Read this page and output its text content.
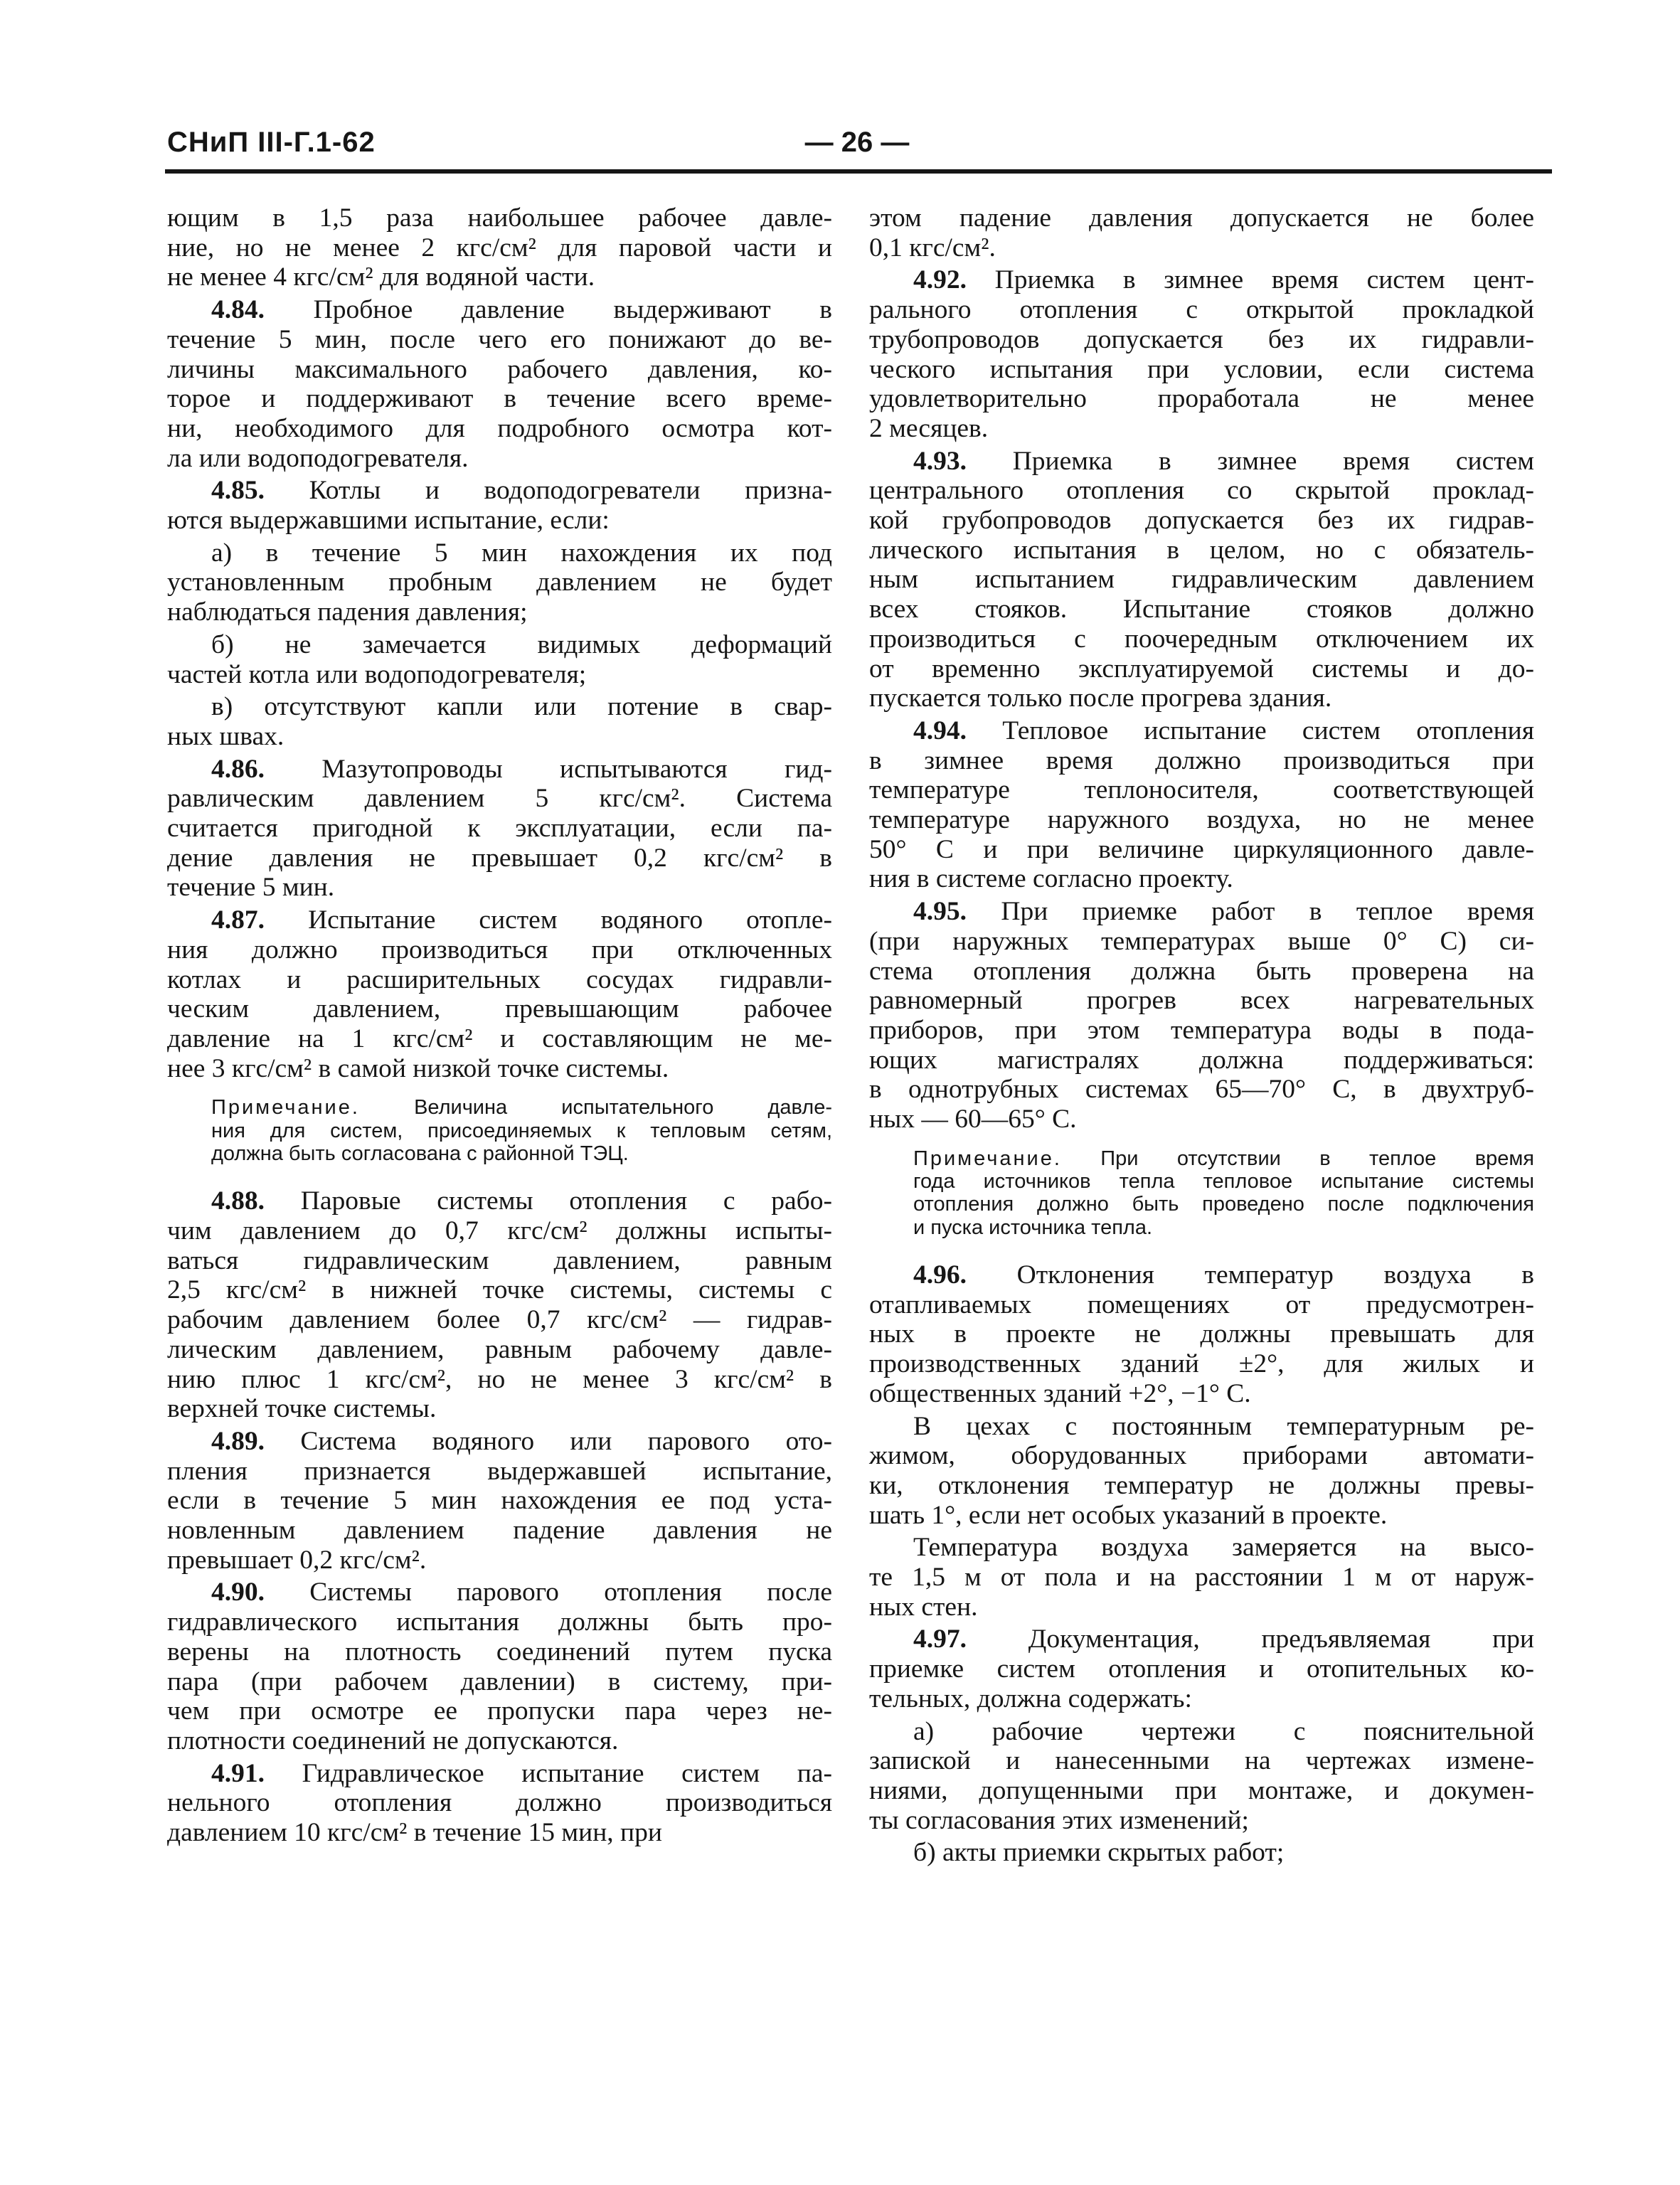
СНиП III-Г.1-62	— 26 —

ющим в 1,5 раза наибольшее рабочее давле-

ние, но не менее 2 кгс/см² для паровой части и

не менее 4 кгс/см² для водяной части.

4.84. Пробное давление выдерживают в

течение 5 мин, после чего его понижают до ве-

личины максимального рабочего давления, ко-

торое и поддерживают в течение всего време-

ни, необходимого для подробного осмотра кот-

ла или водоподогревателя.

4.85. Котлы и водоподогреватели призна-

ются выдержавшими испытание, если:

а) в течение 5 мин нахождения их под

установленным пробным давлением не будет

наблюдаться падения давления;

б) не замечается видимых деформаций

частей котла или водоподогревателя;

в) отсутствуют капли или потение в свар-

ных швах.

4.86. Мазутопроводы испытываются гид-

равлическим давлением 5 кгс/см². Система

считается пригодной к эксплуатации, если па-

дение давления не превышает 0,2 кгс/см² в

течение 5 мин.

4.87. Испытание систем водяного отопле-

ния должно производиться при отключенных

котлах и расширительных сосудах гидравли-

ческим давлением, превышающим рабочее

давление на 1 кгс/см² и составляющим не ме-

нее 3 кгс/см² в самой низкой точке системы.

Примечание. Величина испытательного давле-

ния для систем, присоединяемых к тепловым сетям,

должна быть согласована с районной ТЭЦ.

4.88. Паровые системы отопления с рабо-

чим давлением до 0,7 кгс/см² должны испыты-

ваться гидравлическим давлением, равным

2,5 кгс/см² в нижней точке системы, системы с

рабочим давлением более 0,7 кгс/см² — гидрав-

лическим давлением, равным рабочему давле-

нию плюс 1 кгс/см², но не менее 3 кгс/см² в

верхней точке системы.

4.89. Система водяного или парового ото-

пления признается выдержавшей испытание,

если в течение 5 мин нахождения ее под уста-

новленным давлением падение давления не

превышает 0,2 кгс/см².

4.90. Системы парового отопления после

гидравлического испытания должны быть про-

верены на плотность соединений путем пуска

пара (при рабочем давлении) в систему, при-

чем при осмотре ее пропуски пара через не-

плотности соединений не допускаются.

4.91. Гидравлическое испытание систем па-

нельного отопления должно производиться

давлением 10 кгс/см² в течение 15 мин, при

этом падение давления допускается не более

0,1 кгс/см².

4.92. Приемка в зимнее время систем цент-

рального отопления с открытой прокладкой

трубопроводов допускается без их гидравли-

ческого испытания при условии, если система

удовлетворительно проработала не менее

2 месяцев.

4.93. Приемка в зимнее время систем

центрального отопления со скрытой проклад-

кой грубопроводов допускается без их гидрав-

лического испытания в целом, но с обязатель-

ным испытанием гидравлическим давлением

всех стояков. Испытание стояков должно

производиться с поочередным отключением их

от временно эксплуатируемой системы и до-

пускается только после прогрева здания.

4.94. Тепловое испытание систем отопления

в зимнее время должно производиться при

температуре теплоносителя, соответствующей

температуре наружного воздуха, но не менее

50° С и при величине циркуляционного давле-

ния в системе согласно проекту.

4.95. При приемке работ в теплое время

(при наружных температурах выше 0° С) си-

стема отопления должна быть проверена на

равномерный прогрев всех нагревательных

приборов, при этом температура воды в пода-

ющих магистралях должна поддерживаться:

в однотрубных системах 65—70° С, в двухтруб-

ных — 60—65° С.

Примечание. При отсутствии в теплое время

года источников тепла тепловое испытание системы

отопления должно быть проведено после подключения

и пуска источника тепла.

4.96. Отклонения температур воздуха в

отапливаемых помещениях от предусмотрен-

ных в проекте не должны превышать для

производственных зданий ±2°, для жилых и

общественных зданий +2°, −1° С.

В цехах с постоянным температурным ре-

жимом, оборудованных приборами автомати-

ки, отклонения температур не должны превы-

шать 1°, если нет особых указаний в проекте.

Температура воздуха замеряется на высо-

те 1,5 м от пола и на расстоянии 1 м от наруж-

ных стен.

4.97. Документация, предъявляемая при

приемке систем отопления и отопительных ко-

тельных, должна содержать:

а) рабочие чертежи с пояснительной

запиской и нанесенными на чертежах измене-

ниями, допущенными при монтаже, и докумен-

ты согласования этих изменений;

б) акты приемки скрытых работ;
